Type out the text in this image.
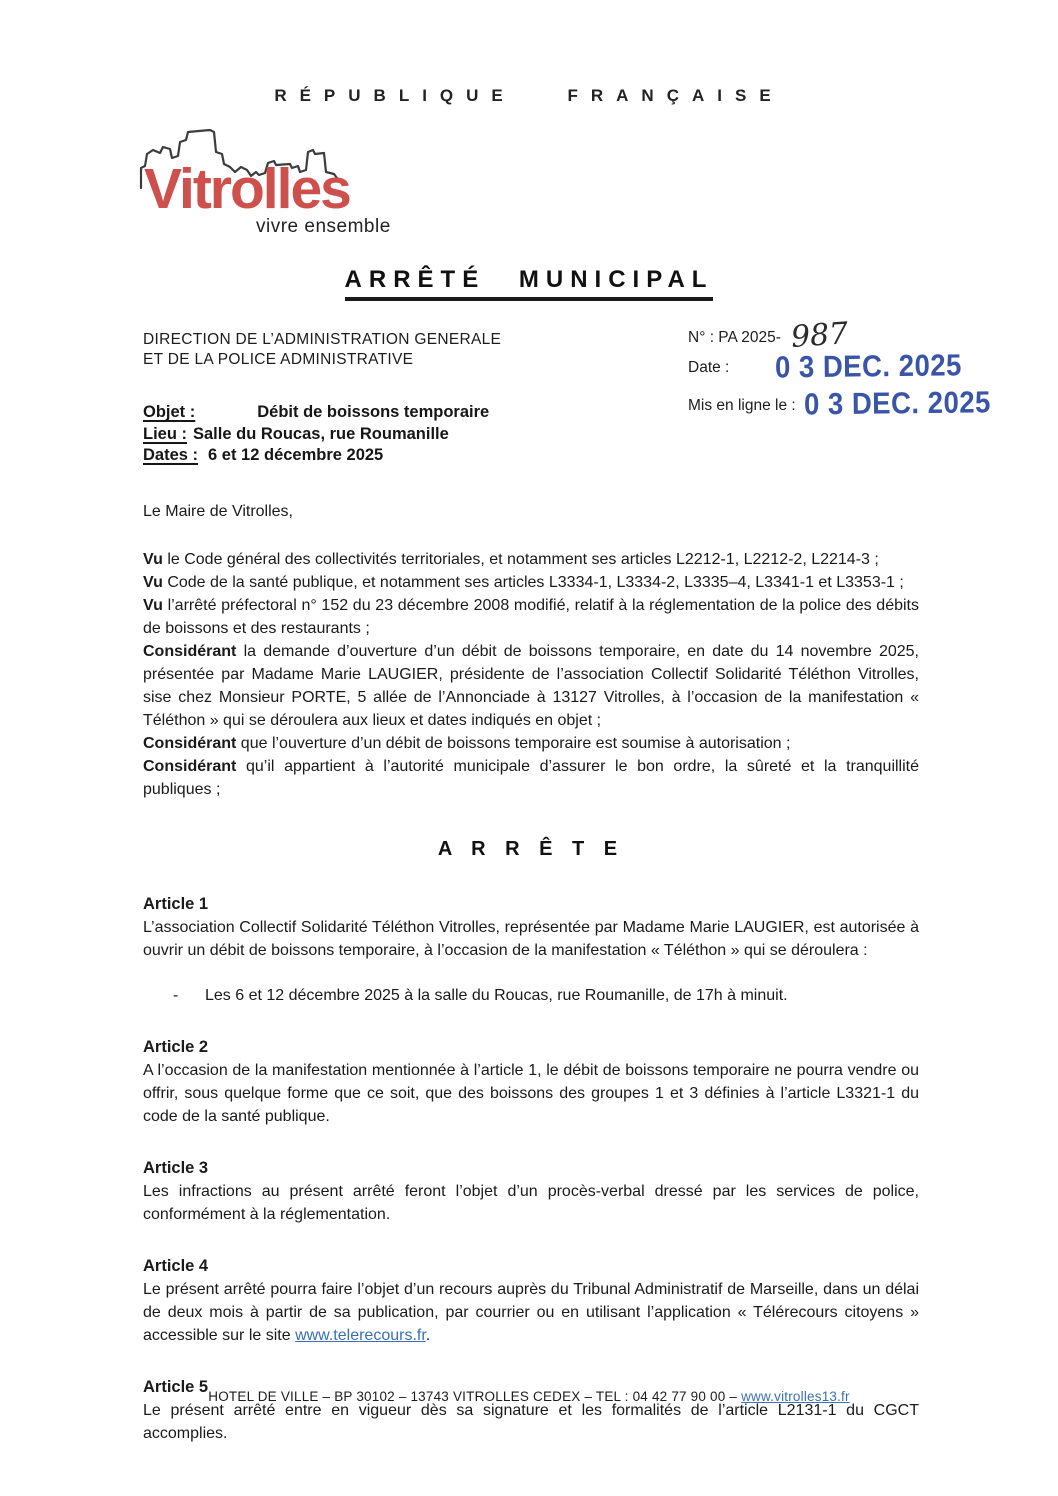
RÉPUBLIQUE FRANÇAISE
Vitrolles
vivre ensemble
ARRÊTÉ MUNICIPAL
DIRECTION DE L’ADMINISTRATION GENERALE
ET DE LA POLICE ADMINISTRATIVE
N° : PA 2025- 987
Date : 0 3 DEC. 2025
Mis en ligne le : 0 3 DEC. 2025
Objet :	Débit de boissons temporaire
Lieu : Salle du Roucas, rue Roumanille
Dates : 6 et 12 décembre 2025

Le Maire de Vitrolles,

Vu le Code général des collectivités territoriales, et notamment ses articles L2212-1, L2212-2, L2214-3 ;

Vu Code de la santé publique, et notamment ses articles L3334-1, L3334-2, L3335–4, L3341-1 et L3353-1 ;

Vu l’arrêté préfectoral n° 152 du 23 décembre 2008 modifié, relatif à la réglementation de la police des débits de boissons et des restaurants ;

Considérant la demande d’ouverture d’un débit de boissons temporaire, en date du 14 novembre 2025, présentée par Madame Marie LAUGIER, présidente de l’association Collectif Solidarité Téléthon Vitrolles, sise chez Monsieur PORTE, 5 allée de l’Annonciade à 13127 Vitrolles, à l’occasion de la manifestation « Téléthon » qui se déroulera aux lieux et dates indiqués en objet ;

Considérant que l’ouverture d’un débit de boissons temporaire est soumise à autorisation ;

Considérant qu’il appartient à l’autorité municipale d’assurer le bon ordre, la sûreté et la tranquillité publiques ;

A R R Ê T E
Article 1

L’association Collectif Solidarité Téléthon Vitrolles, représentée par Madame Marie LAUGIER, est autorisée à ouvrir un débit de boissons temporaire, à l’occasion de la manifestation « Téléthon » qui se déroulera :

-	Les 6 et 12 décembre 2025 à la salle du Roucas, rue Roumanille, de 17h à minuit.
Article 2

A l’occasion de la manifestation mentionnée à l’article 1, le débit de boissons temporaire ne pourra vendre ou offrir, sous quelque forme que ce soit, que des boissons des groupes 1 et 3 définies à l’article L3321-1 du code de la santé publique.

Article 3

Les infractions au présent arrêté feront l’objet d’un procès-verbal dressé par les services de police, conformément à la réglementation.

Article 4

Le présent arrêté pourra faire l’objet d’un recours auprès du Tribunal Administratif de Marseille, dans un délai de deux mois à partir de sa publication, par courrier ou en utilisant l’application « Télérecours citoyens » accessible sur le site www.telerecours.fr.

Article 5

Le présent arrêté entre en vigueur dès sa signature et les formalités de l’article L2131-1 du CGCT accomplies.

HOTEL DE VILLE – BP 30102 – 13743 VITROLLES CEDEX – TEL : 04 42 77 90 00 – www.vitrolles13.fr
